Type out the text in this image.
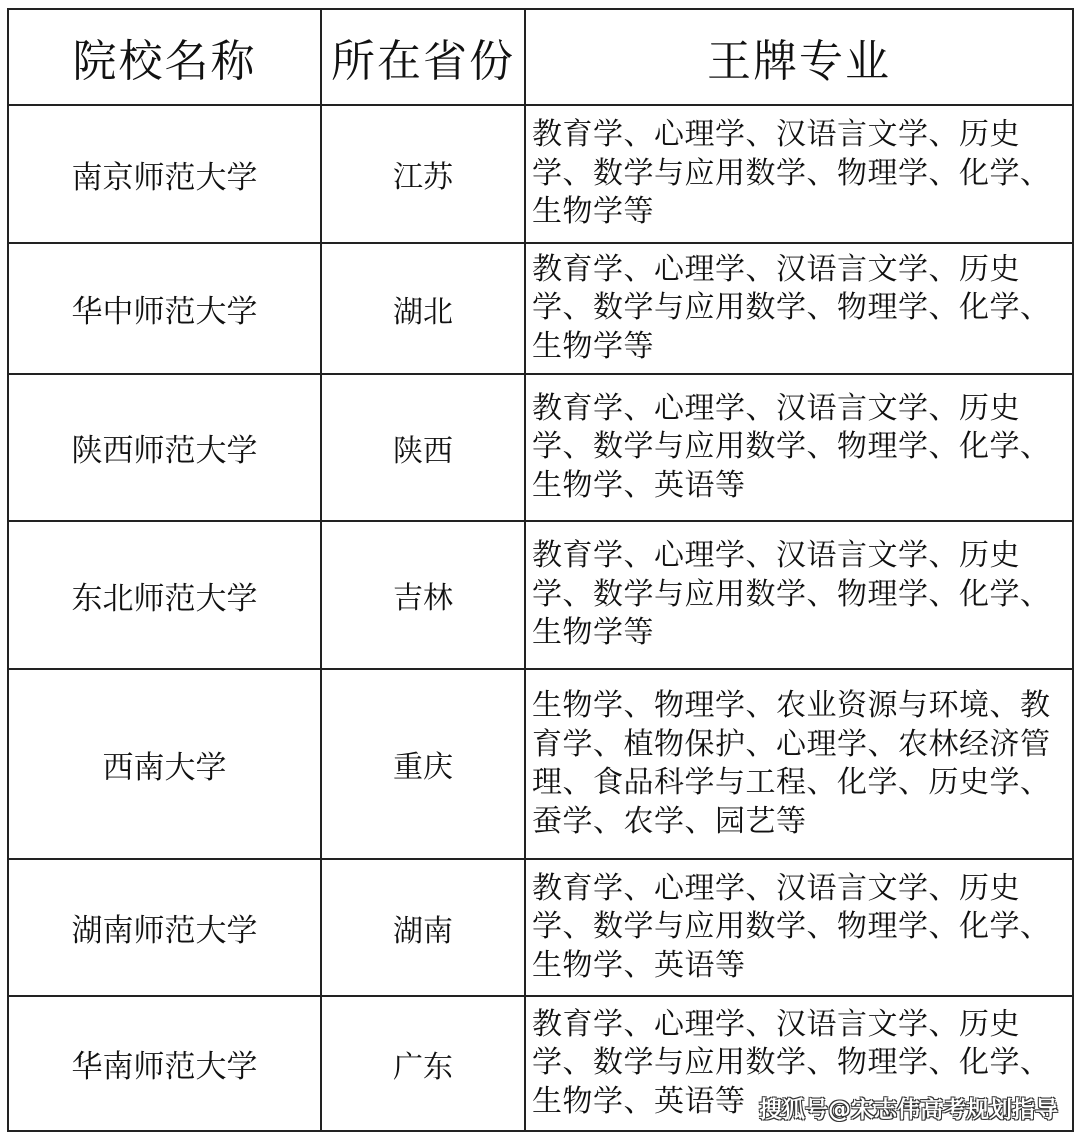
院校名称	所在省份	王牌专业
南京师范大学	江苏	教育学、心理学、汉语言文学、历史学、数学与应用数学、物理学、化学、生物学等

华中师范大学	湖北	教育学、心理学、汉语言文学、历史学、数学与应用数学、物理学、化学、生物学等

陕西师范大学	陕西	教育学、心理学、汉语言文学、历史学、数学与应用数学、物理学、化学、生物学、英语等

东北师范大学	吉林	教育学、心理学、汉语言文学、历史学、数学与应用数学、物理学、化学、生物学等

西南大学	重庆	生物学、物理学、农业资源与环境、教育学、植物保护、心理学、农林经济管理、食品科学与工程、化学、历史学、蚕学、农学、园艺等

湖南师范大学	湖南	教育学、心理学、汉语言文学、历史学、数学与应用数学、物理学、化学、生物学、英语等

华南师范大学	广东	教育学、心理学、汉语言文学、历史学、数学与应用数学、物理学、化学、生物学、英语等 搜狐号@宋志伟高考规划指导
